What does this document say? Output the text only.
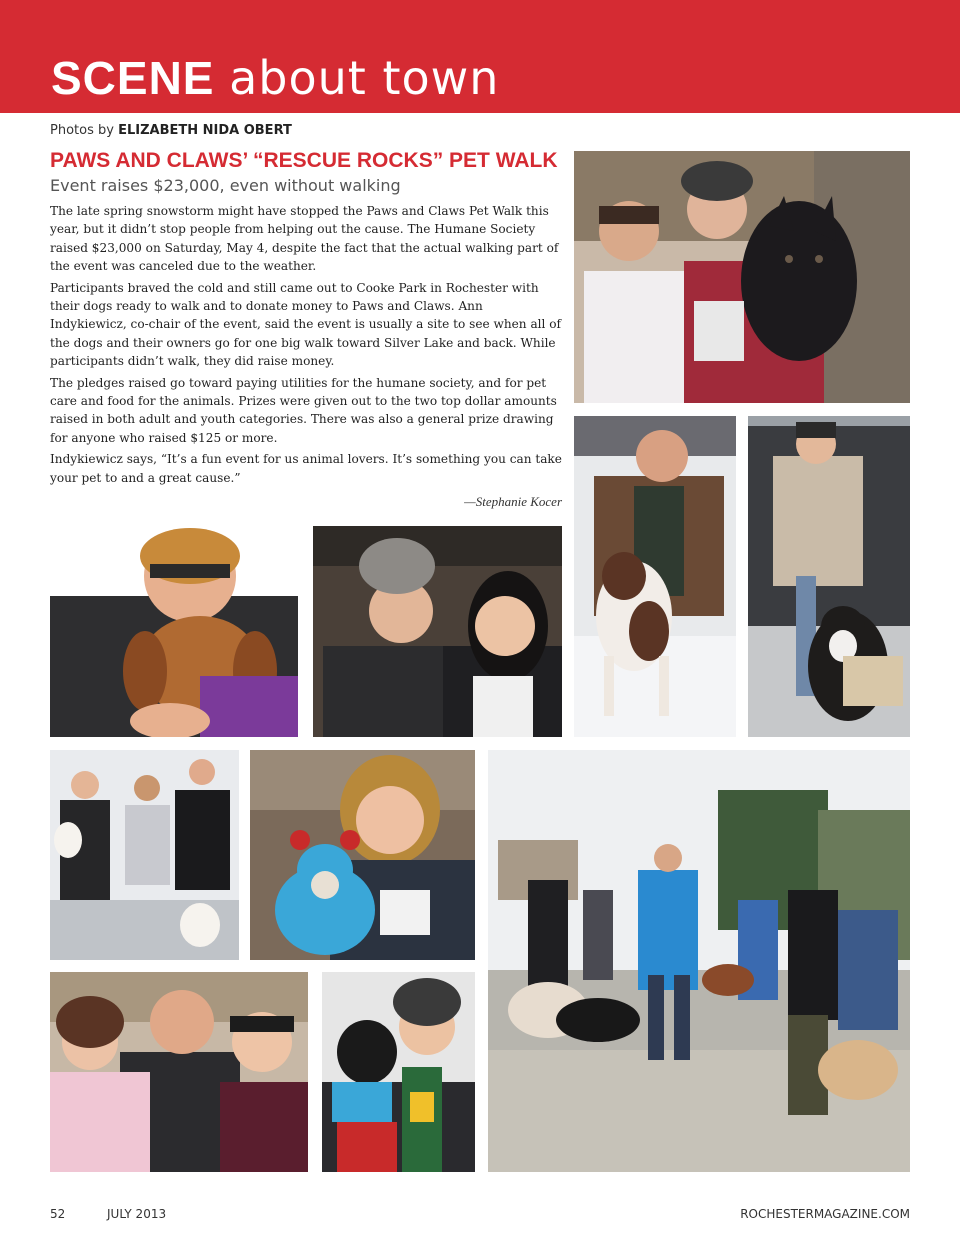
SCENE about town
Photos by ELIZABETH NIDA OBERT
PAWS AND CLAWS’ “RESCUE ROCKS” PET WALK
Event raises $23,000, even without walking

The late spring snowstorm might have stopped the Paws and Claws Pet Walk this year, but it didn’t stop people from helping out the cause. The Humane Society raised $23,000 on Saturday, May 4, despite the fact that the actual walking part of the event was canceled due to the weather.

Participants braved the cold and still came out to Cooke Park in Rochester with their dogs ready to walk and to donate money to Paws and Claws. Ann Indykiewicz, co-chair of the event, said the event is usually a site to see when all of the dogs and their owners go for one big walk toward Silver Lake and back. While participants didn’t walk, they did raise money.

The pledges raised go toward paying utilities for the humane society, and for pet care and food for the animals. Prizes were given out to the two top dollar amounts raised in both adult and youth categories. There was also a general prize drawing for anyone who raised $125 or more.

Indykiewicz says, “It’s a fun event for us animal lovers. It’s something you can take your pet to and a great cause.”

—Stephanie Kocer
52	JULY 2013	ROCHESTERMAGAZINE.COM
